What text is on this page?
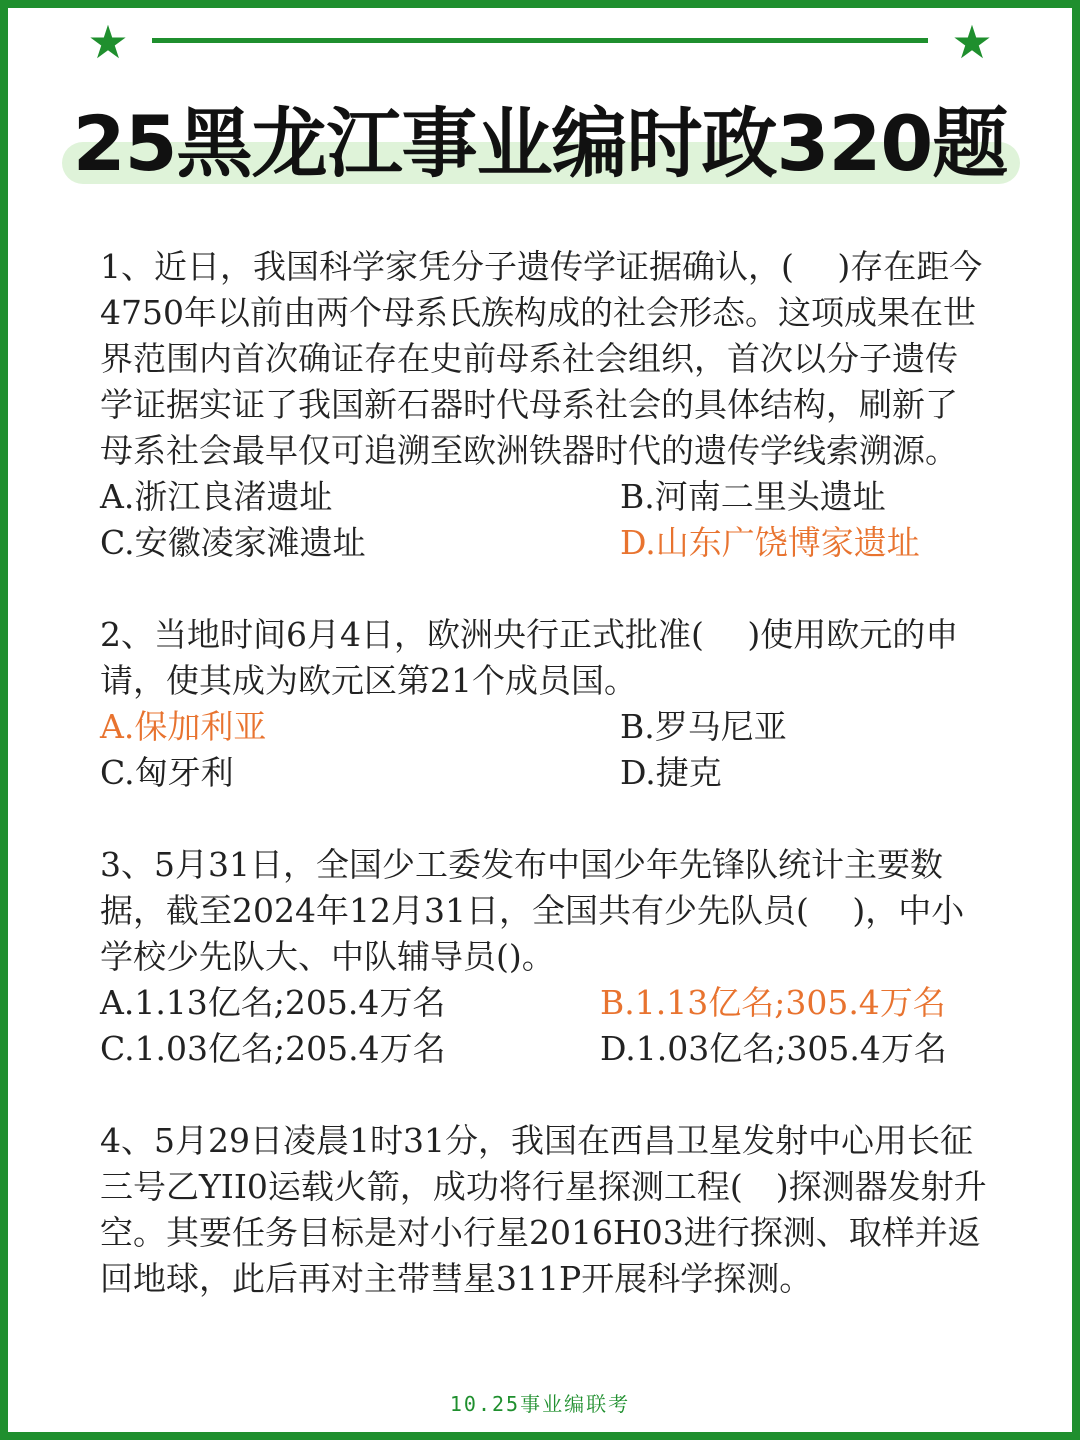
★	★
25黑龙江事业编时政320题

1、近日，我国科学家凭分子遗传学证据确认，(　 )存在距今4750年以前由两个母系氏族构成的社会形态。这项成果在世界范围内首次确证存在史前母系社会组织，首次以分子遗传学证据实证了我国新石器时代母系社会的具体结构，刷新了母系社会最早仅可追溯至欧洲铁器时代的遗传学线索溯源。

A.浙江良渚遗址	B.河南二里头遗址
C.安徽凌家滩遗址	D.山东广饶博家遗址

2、当地时间6月4日，欧洲央行正式批准(　 )使用欧元的申请，使其成为欧元区第21个成员国。

A.保加利亚	B.罗马尼亚
C.匈牙利	D.捷克

3、5月31日，全国少工委发布中国少年先锋队统计主要数据，截至2024年12月31日，全国共有少先队员(　 )，中小学校少先队大、中队辅导员()。

A.1.13亿名;205.4万名	B.1.13亿名;305.4万名
C.1.03亿名;205.4万名	D.1.03亿名;305.4万名

4、5月29日凌晨1时31分，我国在西昌卫星发射中心用长征三号乙YII0运载火箭，成功将行星探测工程(　)探测器发射升空。其要任务目标是对小行星2016H03进行探测、取样并返回地球，此后再对主带彗星311P开展科学探测。

10.25事业编联考
